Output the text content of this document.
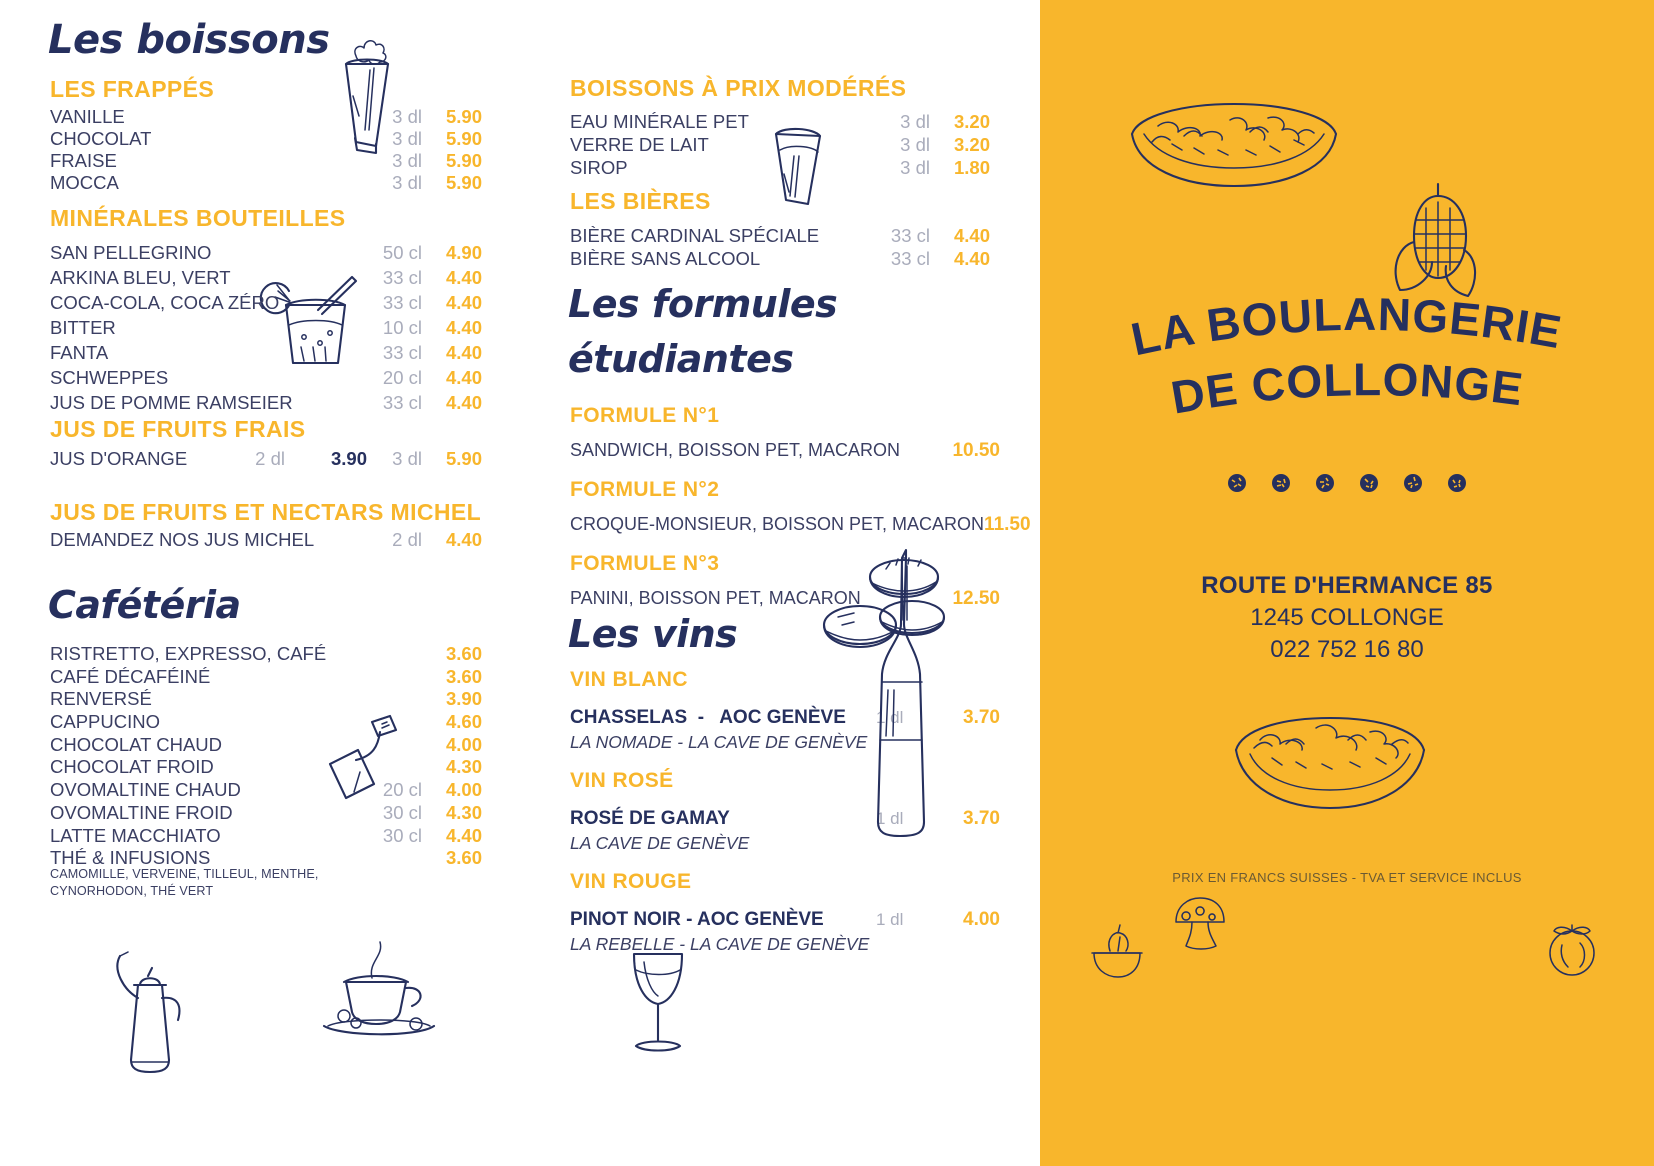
Les boissons
LES FRAPPÉS
VANILLE	3 dl	5.90
CHOCOLAT	3 dl	5.90
FRAISE	3 dl	5.90
MOCCA	3 dl	5.90
MINÉRALES BOUTEILLES
SAN PELLEGRINO	50 cl	4.90
ARKINA BLEU, VERT	33 cl	4.40
COCA-COLA, COCA ZÉRO	33 cl	4.40
BITTER	10 cl	4.40
FANTA	33 cl	4.40
SCHWEPPES	20 cl	4.40
JUS DE POMME RAMSEIER	33 cl	4.40
JUS DE FRUITS FRAIS
JUS D'ORANGE	2 dl	3.90	3 dl	5.90
JUS DE FRUITS ET NECTARS MICHEL
DEMANDEZ NOS JUS MICHEL	2 dl	4.40
Cafétéria
RISTRETTO, EXPRESSO, CAFÉ	3.60
CAFÉ DÉCAFÉINÉ	3.60
RENVERSÉ	3.90
CAPPUCINO	4.60
CHOCOLAT CHAUD	4.00
CHOCOLAT FROID	4.30
OVOMALTINE CHAUD	20 cl	4.00
OVOMALTINE FROID	30 cl	4.30
LATTE MACCHIATO	30 cl	4.40
THÉ & INFUSIONS	3.60
CAMOMILLE, VERVEINE, TILLEUL, MENTHE,
CYNORHODON, THÉ VERT
BOISSONS À PRIX MODÉRÉS
EAU MINÉRALE PET	3 dl	3.20
VERRE DE LAIT	3 dl	3.20
SIROP	3 dl	1.80
LES BIÈRES
BIÈRE CARDINAL SPÉCIALE	33 cl	4.40
BIÈRE SANS ALCOOL	33 cl	4.40
Les formules
étudiantes
FORMULE N°1
SANDWICH, BOISSON PET, MACARON	10.50
FORMULE N°2
CROQUE-MONSIEUR, BOISSON PET, MACARON 11.50
FORMULE N°3
PANINI, BOISSON PET, MACARON	12.50
Les vins
VIN BLANC
CHASSELAS  -   AOC GENÈVE 1 dl	3.70
LA NOMADE - LA CAVE DE GENÈVE
VIN ROSÉ
ROSÉ DE GAMAY	1 dl	3.70
LA CAVE DE GENÈVE
VIN ROUGE
PINOT NOIR - AOC GENÈVE	1 dl	4.00
LA REBELLE - LA CAVE DE GENÈVE
LA BOULANGERIE
DE COLLONGE
ROUTE D'HERMANCE 85
1245 COLLONGE
022 752 16 80
PRIX EN FRANCS SUISSES - TVA ET SERVICE INCLUS
